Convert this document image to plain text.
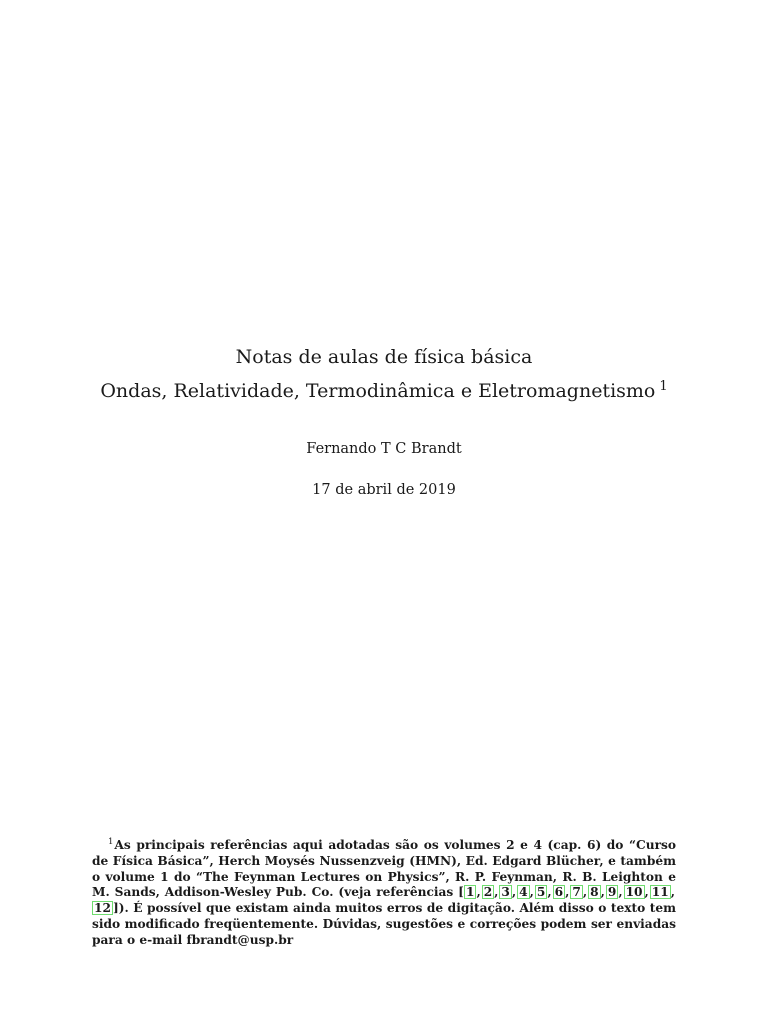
Notas de aulas de física básica

Ondas, Relatividade, Termodinâmica e Eletromagnetismo $^1$

Fernando T C Brandt
17 de abril de 2019
$^1$As principais referências aqui adotadas são os volumes 2 e 4 (cap. 6) do “Curso de Física Básica”, Herch Moysés Nussenzveig (HMN), Ed. Edgard Blücher, e também o volume 1 do “The Feynman Lectures on Physics”, R. P. Feynman, R. B. Leighton e M. Sands, Addison-Wesley Pub. Co. (veja referências [ 1 , 2 , 3 , 4 , 5 , 6 , 7 , 8 , 9 , 10 , 11 ,12 ]). É possível que existam ainda muitos erros de digitação. Além disso o texto tem sido modificado freqüentemente. Dúvidas, sugestões e correções podem ser enviadas para o e-mail fbrandt@usp.br
